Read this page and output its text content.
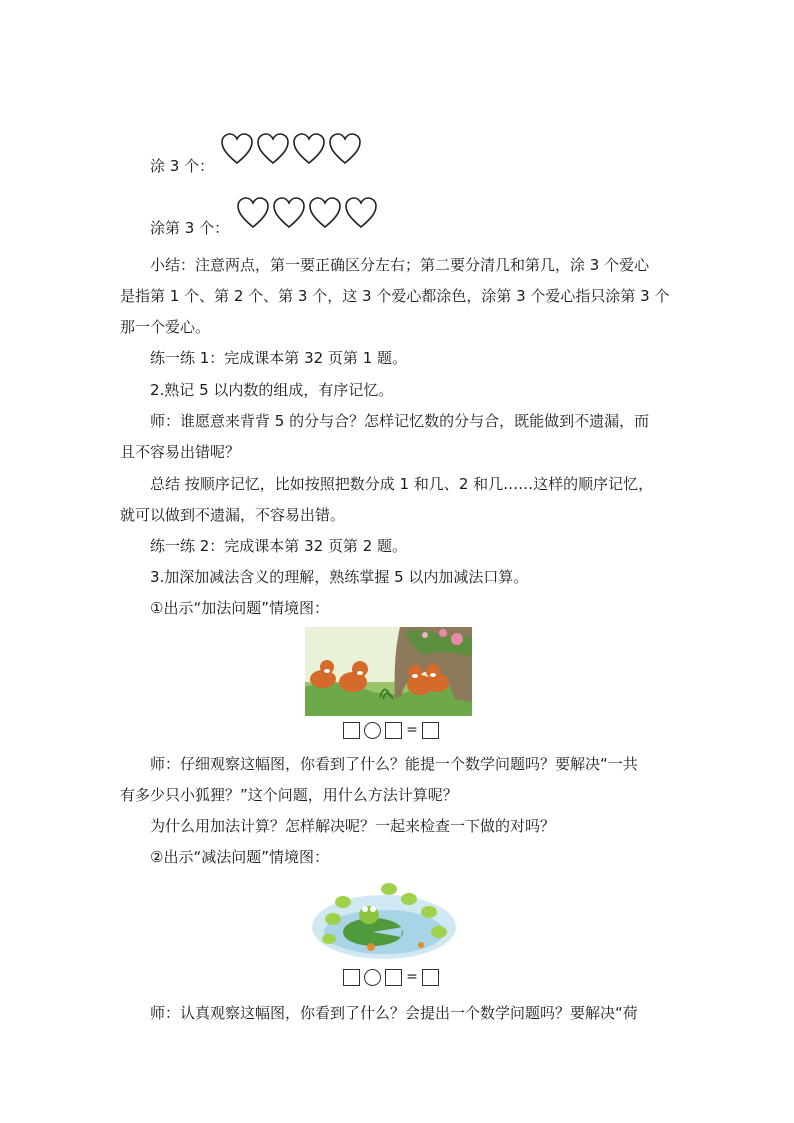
涂 3 个：
涂第 3 个：
小结：注意两点，第一要正确区分左右；第二要分清几和第几，涂 3 个爱心
是指第 1 个、第 2 个、第 3 个，这 3 个爱心都涂色，涂第 3 个爱心指只涂第 3 个
那一个爱心。
练一练 1：完成课本第 32 页第 1 题。
2.熟记 5 以内数的组成，有序记忆。
师：谁愿意来背背 5 的分与合？怎样记忆数的分与合，既能做到不遗漏，而
且不容易出错呢？
总结 按顺序记忆，比如按照把数分成 1 和几、2 和几……这样的顺序记忆，
就可以做到不遗漏，不容易出错。
练一练 2：完成课本第 32 页第 2 题。
3.加深加减法含义的理解，熟练掌握 5 以内加减法口算。
①出示“加法问题”情境图：
=
师：仔细观察这幅图，你看到了什么？能提一个数学问题吗？要解决“一共
有多少只小狐狸？”这个问题，用什么方法计算呢？
为什么用加法计算？怎样解决呢？一起来检查一下做的对吗？
②出示“减法问题”情境图：
=
师：认真观察这幅图，你看到了什么？会提出一个数学问题吗？要解决“荷
